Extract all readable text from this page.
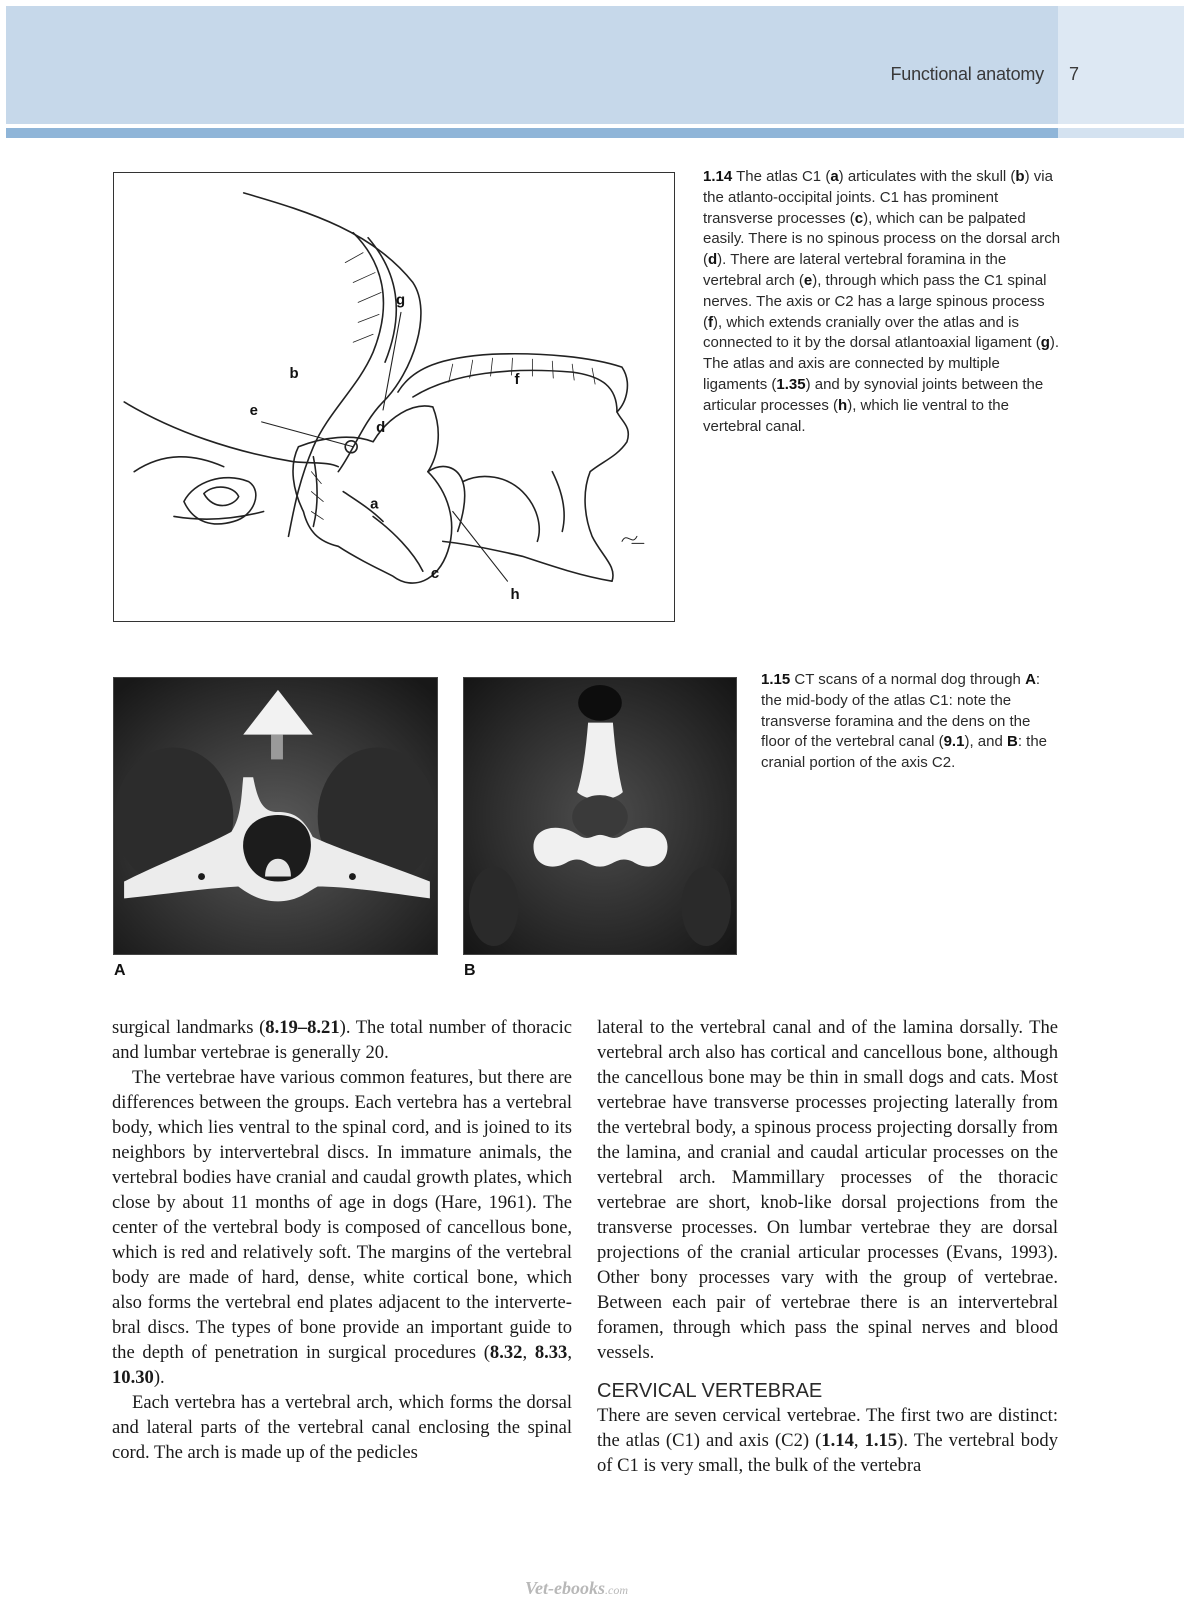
Functional anatomy 7
g
b
e
d
f
a
c
h
1.14 The atlas C1 (a) articulates with the skull (b) via the atlanto-occipital joints. C1 has prominent transverse processes (c), which can be palpated easily. There is no spinous process on the dorsal arch (d). There are lateral vertebral foramina in the vertebral arch (e), through which pass the C1 spinal nerves. The axis or C2 has a large spinous process (f), which extends cranially over the atlas and is connected to it by the dorsal atlantoaxial ligament (g). The atlas and axis are connected by multiple ligaments (1.35) and by synovial joints between the articular processes (h), which lie ventral to the vertebral canal.
A	B
1.15 CT scans of a normal dog through A: the mid-body of the atlas C1: note the transverse foramina and the dens on the floor of the vertebral canal (9.1), and B: the cranial portion of the axis C2.

surgical landmarks (8.19–8.21). The total number of thoracic and lumbar vertebrae is generally 20.

The vertebrae have various common features, but there are differences between the groups. Each vertebra has a vertebral body, which lies ventral to the spinal cord, and is joined to its neighbors by intervertebral discs. In immature animals, the vertebral bodies have cranial and caudal growth plates, which close by about 11 months of age in dogs (Hare, 1961). The center of the vertebral body is composed of cancellous bone, which is red and relatively soft. The margins of the vertebral body are made of hard, dense, white cortical bone, which also forms the vertebral end plates adjacent to the intervertebral discs. The types of bone provide an important guide to the depth of penetration in surgical procedures (8.32, 8.33, 10.30).

Each vertebra has a vertebral arch, which forms the dorsal and lateral parts of the vertebral canal enclosing the spinal cord. The arch is made up of the pedicles

lateral to the vertebral canal and of the lamina dorsally. The vertebral arch also has cortical and cancellous bone, although the cancellous bone may be thin in small dogs and cats. Most vertebrae have transverse processes projecting laterally from the vertebral body, a spinous process projecting dorsally from the lamina, and cranial and caudal articular processes on the vertebral arch. Mammillary processes of the thoracic vertebrae are short, knob-like dorsal projections from the transverse processes. On lumbar vertebrae they are dorsal projections of the cranial articular processes (Evans, 1993). Other bony processes vary with the group of vertebrae. Between each pair of vertebrae there is an intervertebral foramen, through which pass the spinal nerves and blood vessels.

CERVICAL VERTEBRAE

There are seven cervical vertebrae. The first two are distinct: the atlas (C1) and axis (C2) (1.14, 1.15). The vertebral body of C1 is very small, the bulk of the vertebra

Vet-ebooks.com
